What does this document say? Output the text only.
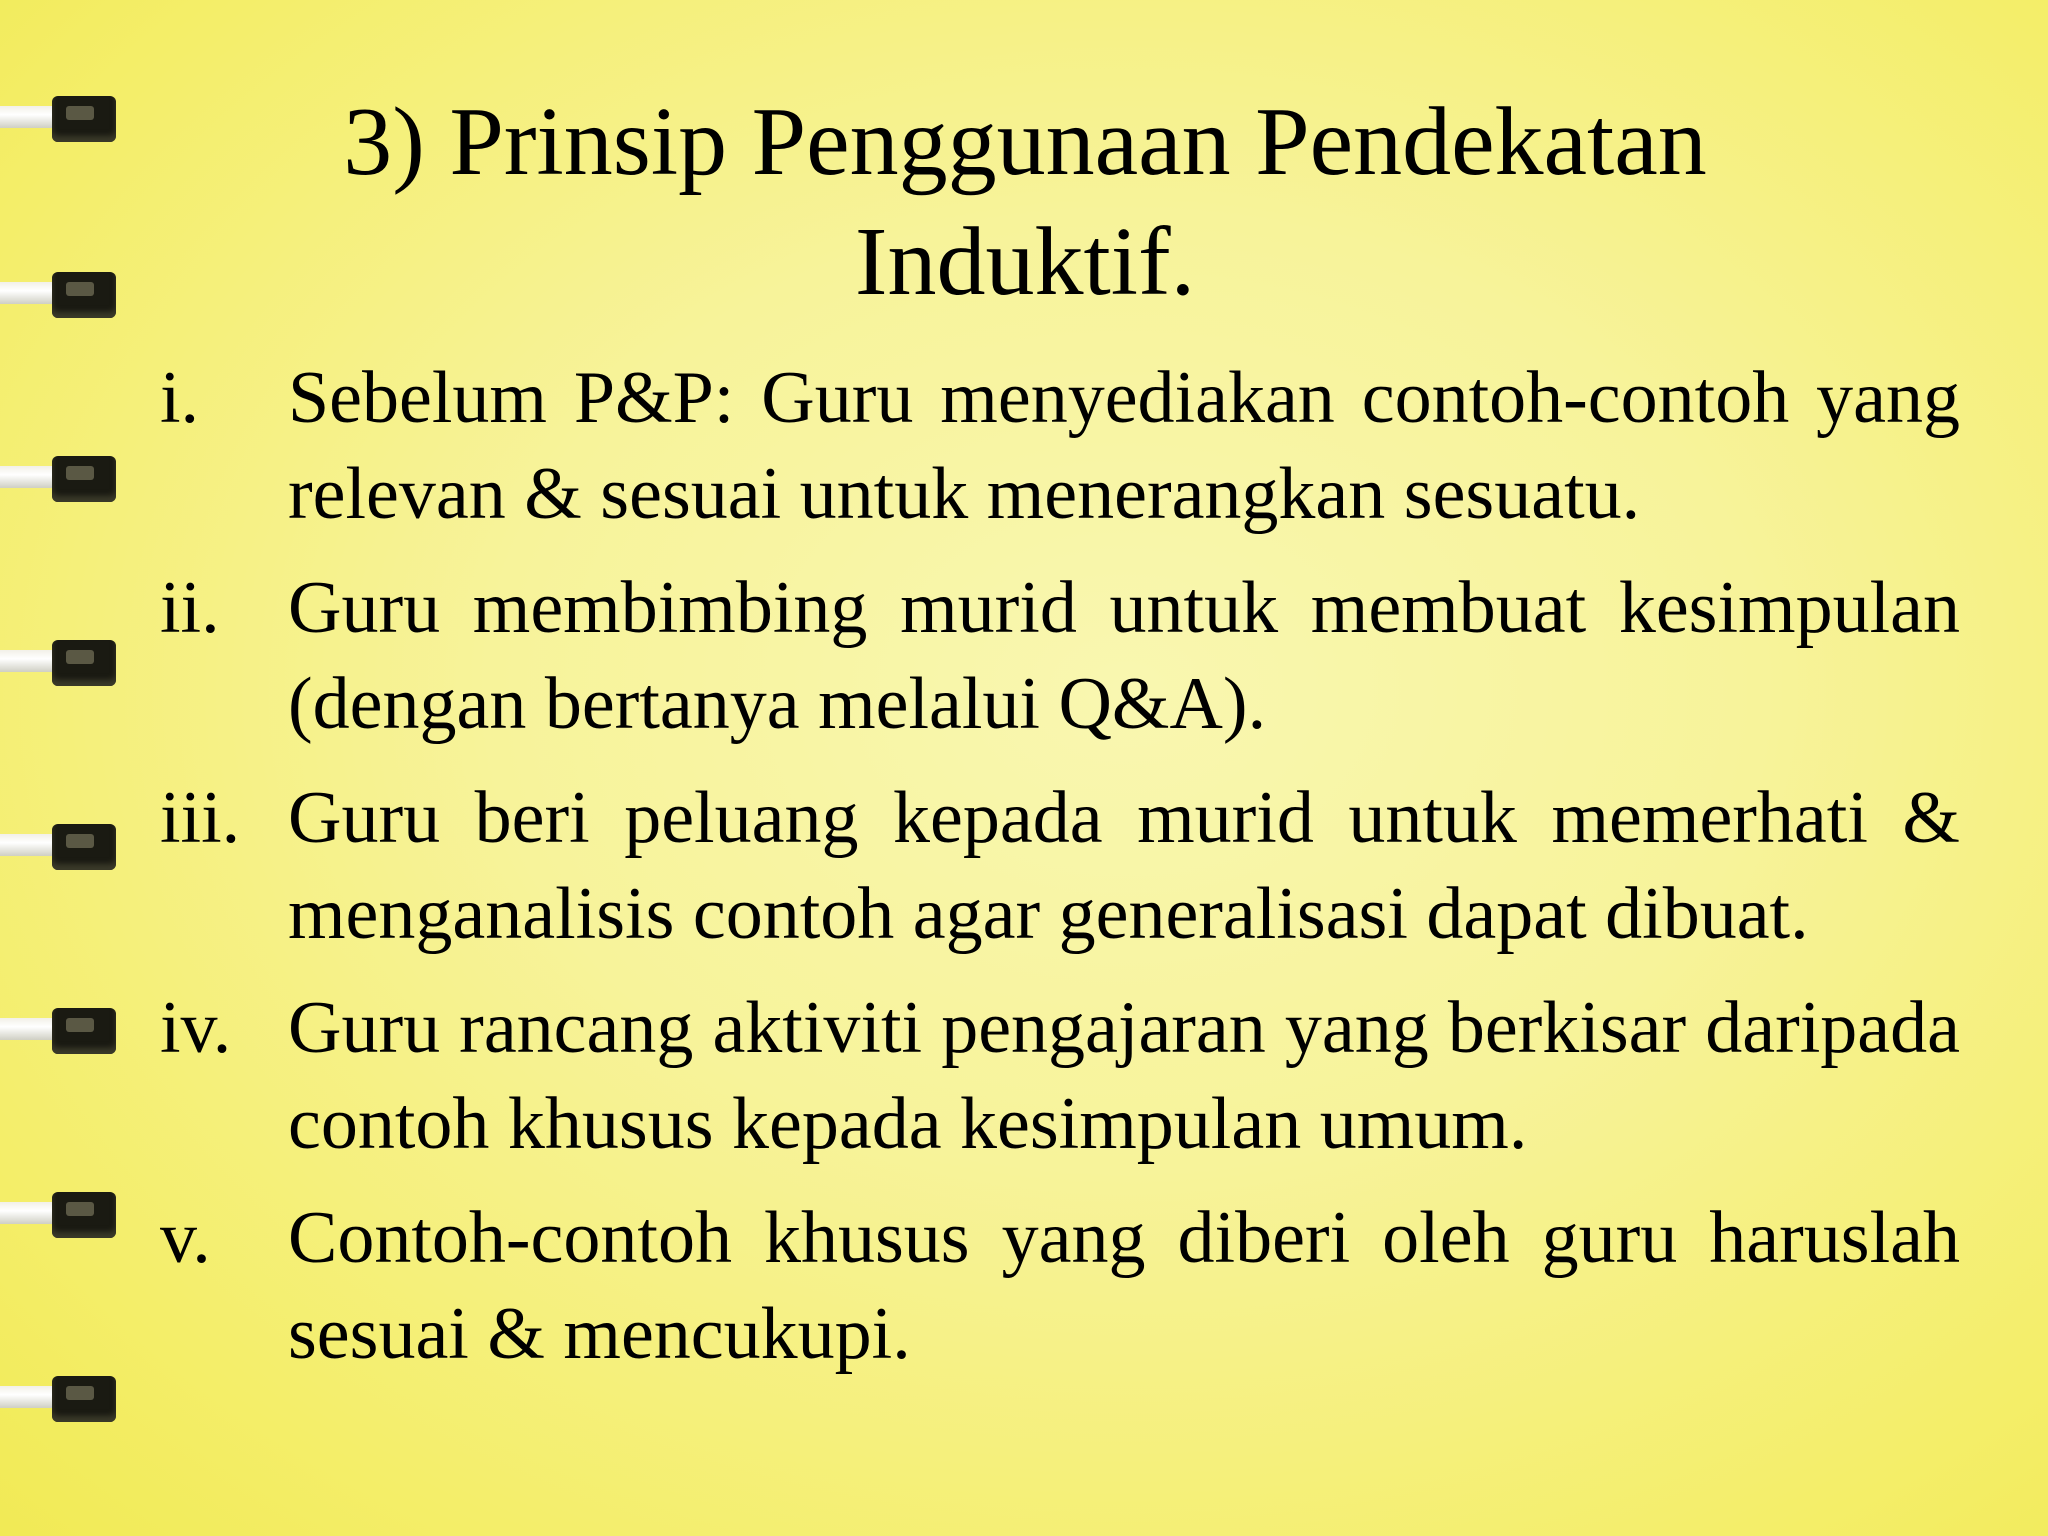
3) Prinsip Penggunaan Pendekatan
Induktif.
i.	Sebelum P&P: Guru menyediakan contoh-contoh yang relevan & sesuai untuk menerangkan sesuatu.
ii. Guru membimbing murid untuk membuat kesimpulan (dengan bertanya melalui Q&A).
iii. Guru beri peluang kepada murid untuk memerhati & menganalisis contoh agar generalisasi dapat dibuat.
iv. Guru rancang aktiviti pengajaran yang berkisar daripada contoh khusus kepada kesimpulan umum.
v.	Contoh-contoh khusus yang diberi oleh guru haruslah sesuai & mencukupi.
